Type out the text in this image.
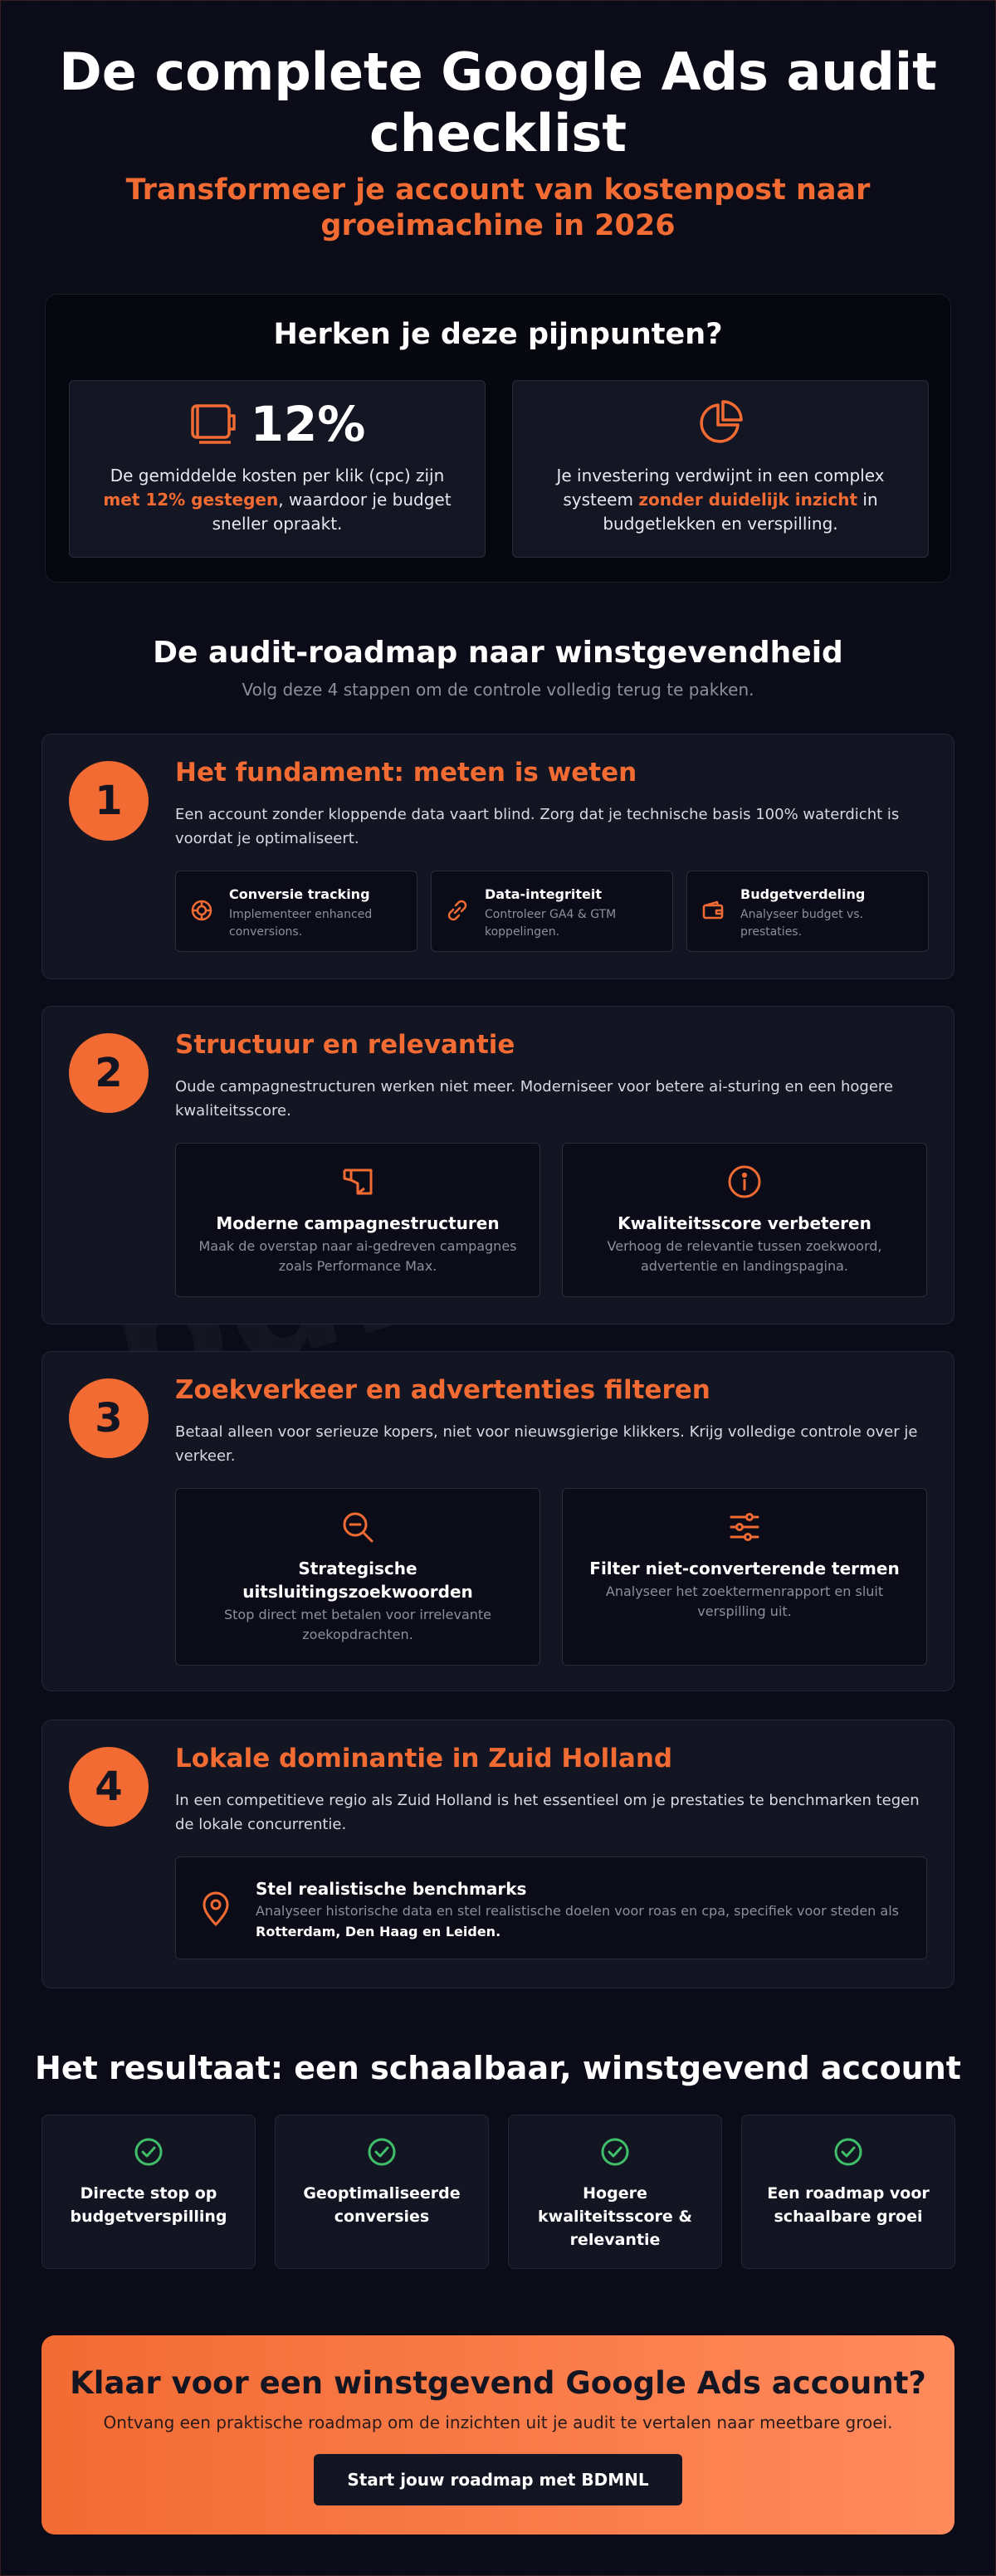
De complete Google Ads audit checklist
Transformeer je account van kostenpost naar groeimachine in 2026
Herken je deze pijnpunten?
12%

De gemiddelde kosten per klik (cpc) zijn met 12% gestegen, waardoor je budget sneller opraakt.

Je investering verdwijnt in een complex systeem zonder duidelijk inzicht in budgetlekken en verspilling.

De audit-roadmap naar winstgevendheid

Volg deze 4 stappen om de controle volledig terug te pakken.

1
Het fundament: meten is weten
Een account zonder kloppende data vaart blind. Zorg dat je technische basis 100% waterdicht is voordat je optimaliseert.
Conversie tracking
Implementeer enhanced conversions.
Data-integriteit
Controleer GA4 & GTM koppelingen.
Budgetverdeling
Analyseer budget vs. prestaties.
2
Structuur en relevantie
Oude campagnestructuren werken niet meer. Moderniseer voor betere ai-sturing en een hogere kwaliteitsscore.
Moderne campagnestructuren
Maak de overstap naar ai-gedreven campagnes zoals Performance Max.
Kwaliteitsscore verbeteren
Verhoog de relevantie tussen zoekwoord, advertentie en landingspagina.
3
Zoekverkeer en advertenties filteren
Betaal alleen voor serieuze kopers, niet voor nieuwsgierige klikkers. Krijg volledige controle over je verkeer.
Strategische uitsluitingszoekwoorden
Stop direct met betalen voor irrelevante zoekopdrachten.
Filter niet-converterende termen
Analyseer het zoektermenrapport en sluit verspilling uit.
4
Lokale dominantie in Zuid Holland
In een competitieve regio als Zuid Holland is het essentieel om je prestaties te benchmarken tegen de lokale concurrentie.
Stel realistische benchmarks
Analyseer historische data en stel realistische doelen voor roas en cpa, specifiek voor steden als Rotterdam, Den Haag en Leiden.
Het resultaat: een schaalbaar, winstgevend account
Directe stop op budgetverspilling
Geoptimaliseerde conversies
Hogere kwaliteitsscore & relevantie
Een roadmap voor schaalbare groei
Klaar voor een winstgevend Google Ads account?

Ontvang een praktische roadmap om de inzichten uit je audit te vertalen naar meetbare groei.

Start jouw roadmap met BDMNL
